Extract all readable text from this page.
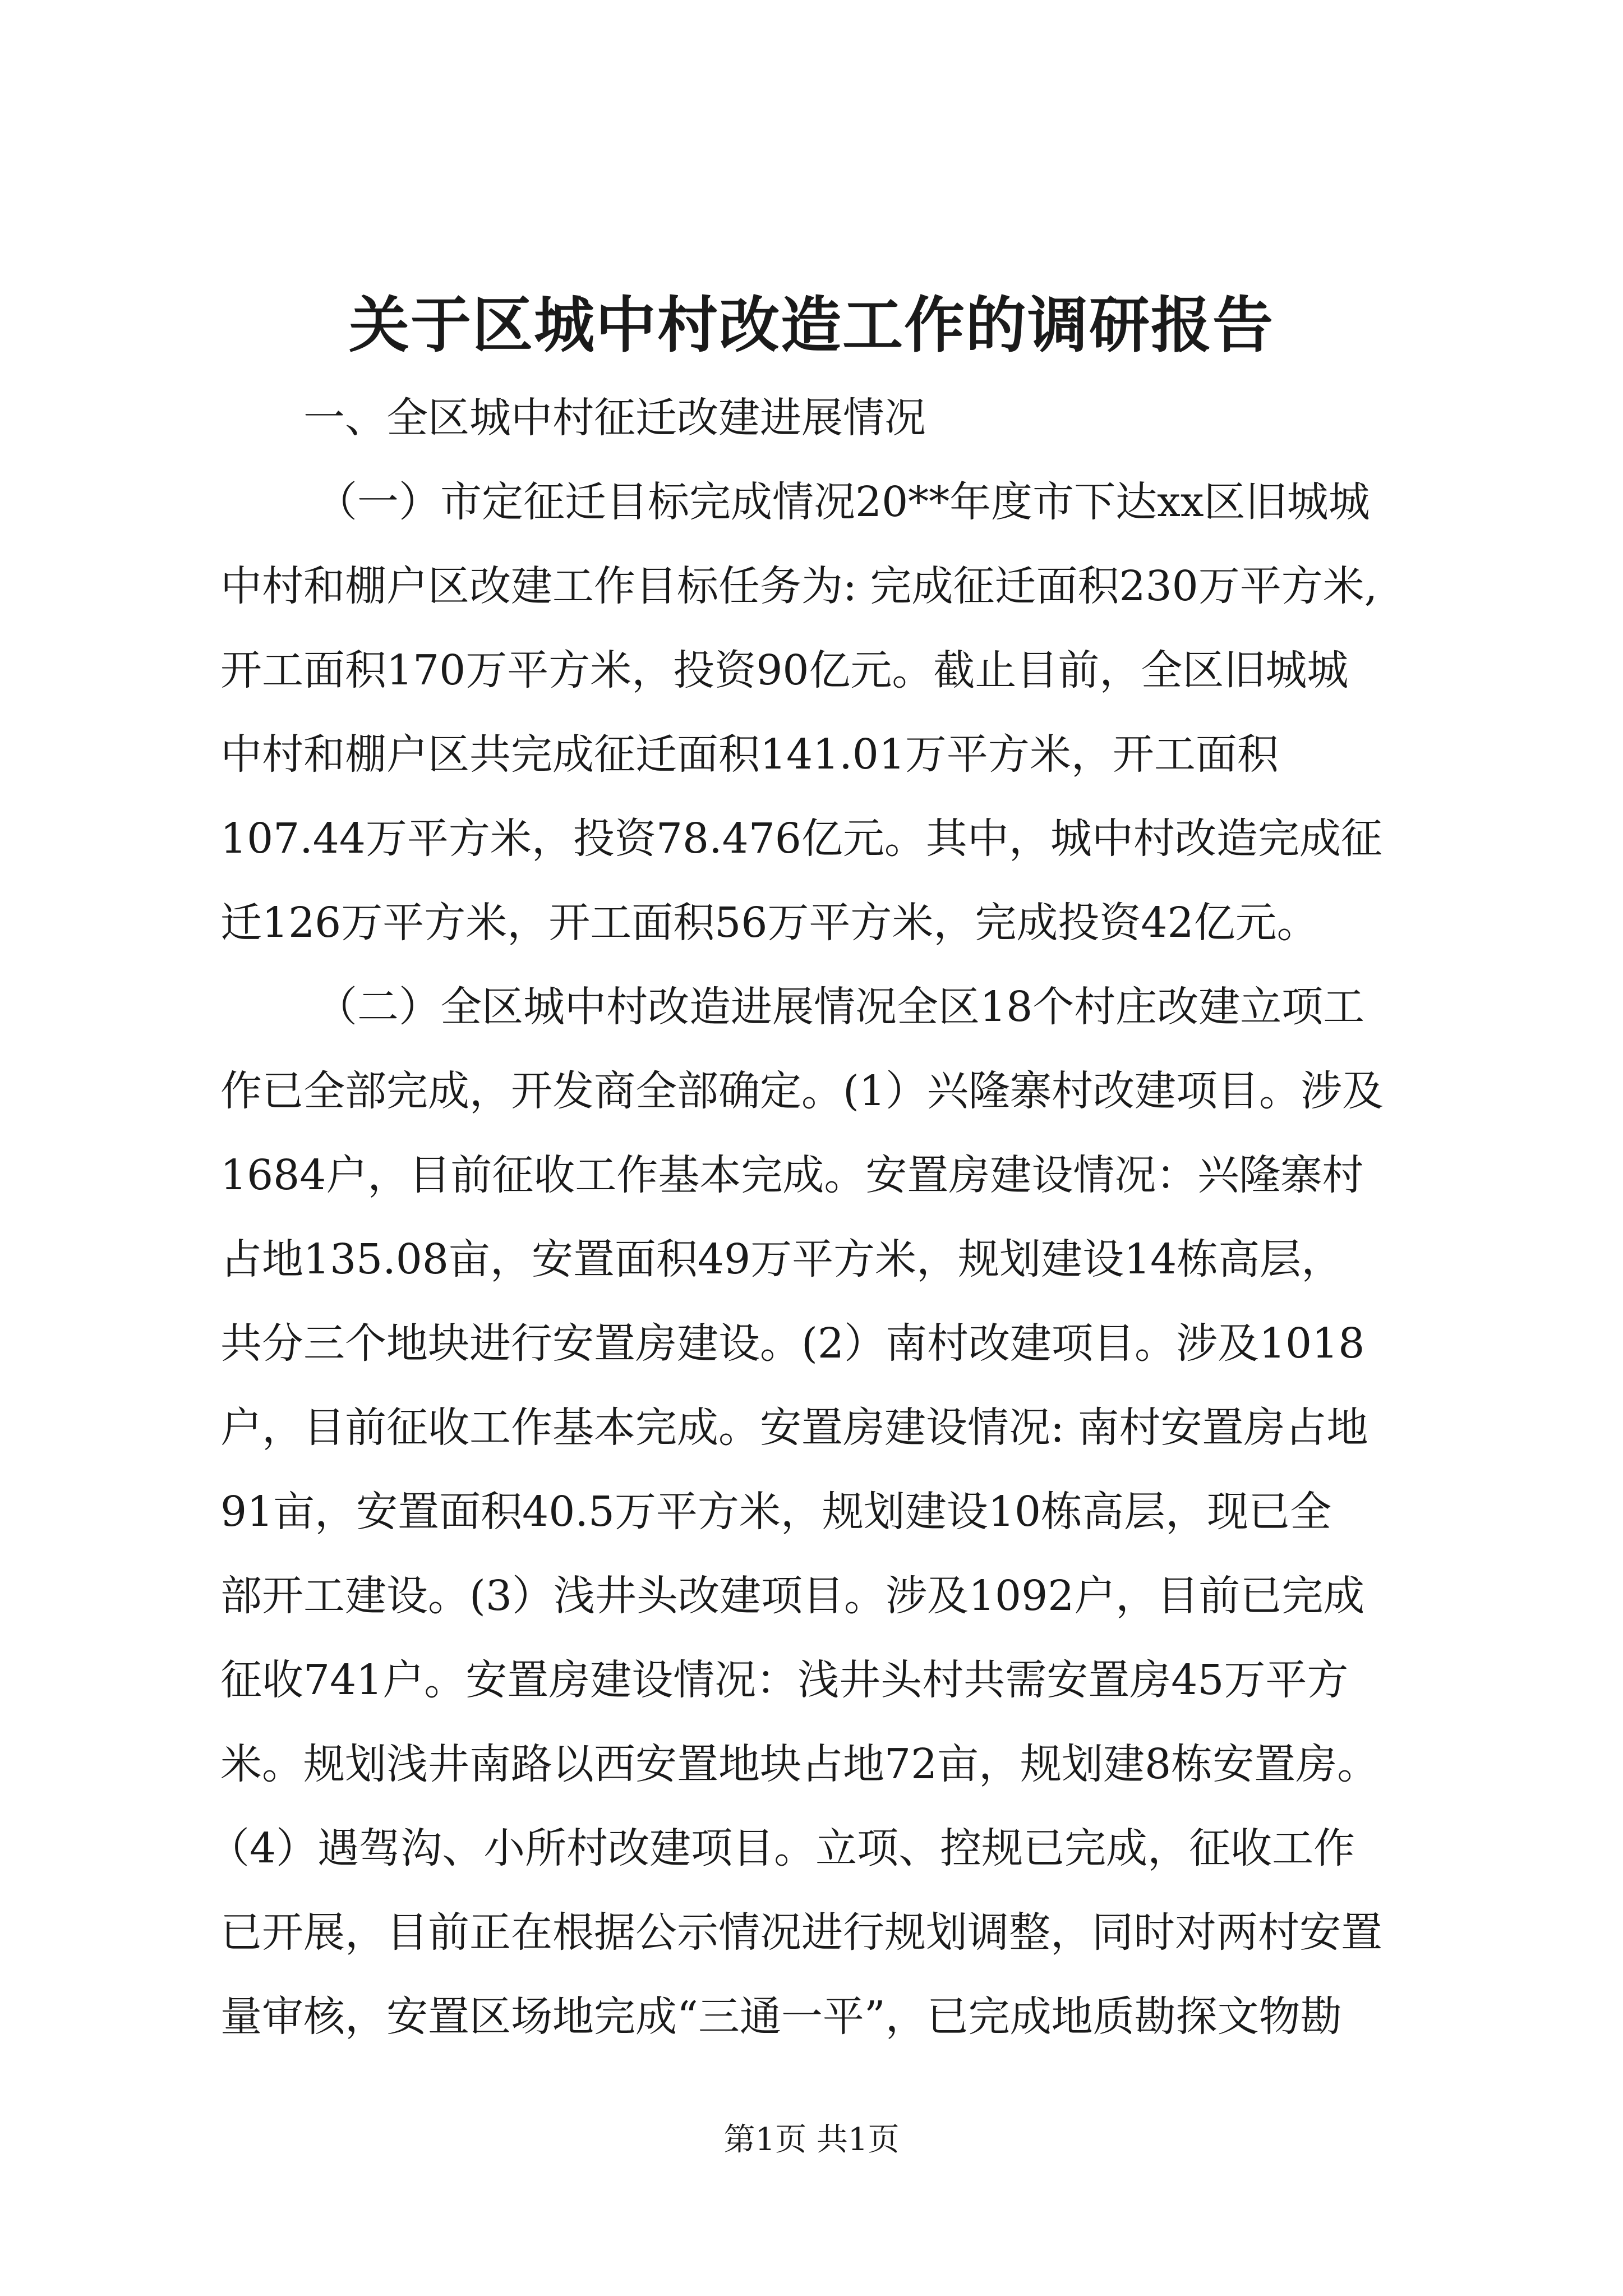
关于区城中村改造工作的调研报告
一、全区城中村征迁改建进展情况
（一）市定征迁目标完成情况20**年度市下达xx区旧城城
中村和棚户区改建工作目标任务为: 完成征迁面积230万平方米,
开工面积170万平方米，投资90亿元。截止目前，全区旧城城
中村和棚户区共完成征迁面积141.01万平方米，开工面积
107.44万平方米，投资78.476亿元。其中，城中村改造完成征
迁126万平方米，开工面积56万平方米，完成投资42亿元。
（二）全区城中村改造进展情况全区18个村庄改建立项工
作已全部完成，开发商全部确定。(1）兴隆寨村改建项目。涉及
1684户，目前征收工作基本完成。安置房建设情况：兴隆寨村
占地135.08亩，安置面积49万平方米，规划建设14栋高层，
共分三个地块进行安置房建设。(2）南村改建项目。涉及1018
户，目前征收工作基本完成。安置房建设情况: 南村安置房占地
91亩，安置面积40.5万平方米，规划建设10栋高层，现已全
部开工建设。(3）浅井头改建项目。涉及1092户，目前已完成
征收741户。安置房建设情况：浅井头村共需安置房45万平方
米。规划浅井南路以西安置地块占地72亩，规划建8栋安置房。
（4）遇驾沟、小所村改建项目。立项、控规已完成，征收工作
已开展，目前正在根据公示情况进行规划调整，同时对两村安置
量审核，安置区场地完成“三通一平”，已完成地质勘探文物勘
第1页 共1页
